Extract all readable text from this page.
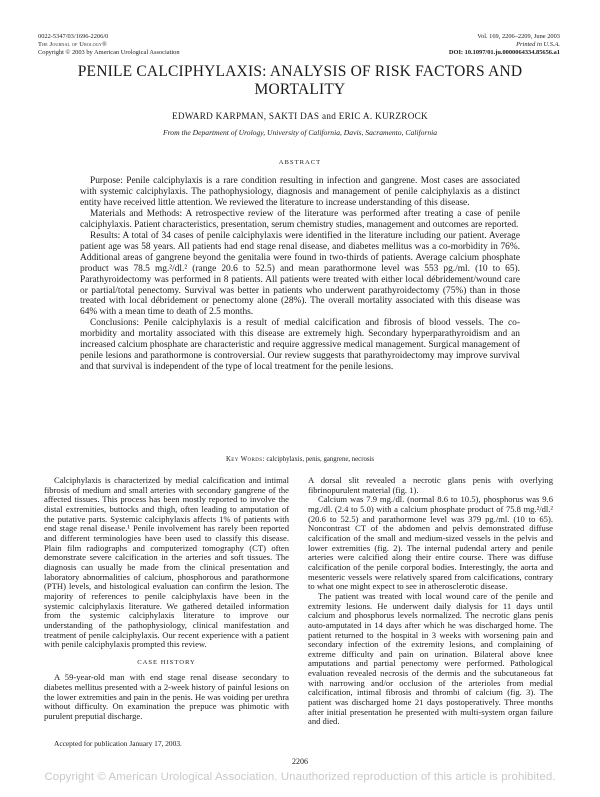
0022-5347/03/1696-2206/0
The Journal of Urology®
Copyright © 2003 by American Urological Association
Vol. 169, 2206–2209, June 2003
Printed in U.S.A.
DOI: 10.1097/01.ju.0000064334.85656.a1
PENILE CALCIPHYLAXIS: ANALYSIS OF RISK FACTORS AND MORTALITY
EDWARD KARPMAN, SAKTI DAS and ERIC A. KURZROCK
From the Department of Urology, University of California, Davis, Sacramento, California
ABSTRACT

Purpose: Penile calciphylaxis is a rare condition resulting in infection and gangrene. Most cases are associated with systemic calciphylaxis. The pathophysiology, diagnosis and management of penile calciphylaxis as a distinct entity have received little attention. We reviewed the literature to increase understanding of this disease.

Materials and Methods: A retrospective review of the literature was performed after treating a case of penile calciphylaxis. Patient characteristics, presentation, serum chemistry studies, management and outcomes are reported.

Results: A total of 34 cases of penile calciphylaxis were identified in the literature including our patient. Average patient age was 58 years. All patients had end stage renal disease, and diabetes mellitus was a co-morbidity in 76%. Additional areas of gangrene beyond the genitalia were found in two-thirds of patients. Average calcium phosphate product was 78.5 mg.²/dl.² (range 20.6 to 52.5) and mean parathormone level was 553 pg./ml. (10 to 65). Parathyroidectomy was performed in 8 patients. All patients were treated with either local débridement/wound care or partial/total penectomy. Survival was better in patients who underwent parathyroidectomy (75%) than in those treated with local débridement or penectomy alone (28%). The overall mortality associated with this disease was 64% with a mean time to death of 2.5 months.

Conclusions: Penile calciphylaxis is a result of medial calcification and fibrosis of blood vessels. The co-morbidity and mortality associated with this disease are extremely high. Secondary hyperparathyroidism and an increased calcium phosphate are characteristic and require aggressive medical management. Surgical management of penile lesions and parathormone is controversial. Our review suggests that parathyroidectomy may improve survival and that survival is independent of the type of local treatment for the penile lesions.

Key Words: calciphylaxis, penis, gangrene, necrosis

Calciphylaxis is characterized by medial calcification and intimal fibrosis of medium and small arteries with secondary gangrene of the affected tissues. This process has been mostly reported to involve the distal extremities, buttocks and thigh, often leading to amputation of the putative parts. Systemic calciphylaxis affects 1% of patients with end stage renal disease.¹ Penile involvement has rarely been reported and different terminologies have been used to classify this disease. Plain film radiographs and computerized tomography (CT) often demonstrate severe calcification in the arteries and soft tissues. The diagnosis can usually be made from the clinical presentation and laboratory abnormalities of calcium, phosphorous and parathormone (PTH) levels, and histological evaluation can confirm the lesion. The majority of references to penile calciphylaxis have been in the systemic calciphylaxis literature. We gathered detailed information from the systemic calciphylaxis literature to improve our understanding of the pathophysiology, clinical manifestation and treatment of penile calciphylaxis. Our recent experience with a patient with penile calciphylaxis prompted this review.

CASE HISTORY

A 59-year-old man with end stage renal disease secondary to diabetes mellitus presented with a 2-week history of painful lesions on the lower extremities and pain in the penis. He was voiding per urethra without difficulty. On examination the prepuce was phimotic with purulent preputial discharge.

A dorsal slit revealed a necrotic glans penis with overlying fibrinopurulent material (fig. 1).

Calcium was 7.9 mg./dl. (normal 8.6 to 10.5), phosphorus was 9.6 mg./dl. (2.4 to 5.0) with a calcium phosphate product of 75.8 mg.²/dl.² (20.6 to 52.5) and parathormone level was 379 pg./ml. (10 to 65). Noncontrast CT of the abdomen and pelvis demonstrated diffuse calcification of the small and medium-sized vessels in the pelvis and lower extremities (fig. 2). The internal pudendal artery and penile arteries were calcified along their entire course. There was diffuse calcification of the penile corporal bodies. Interestingly, the aorta and mesenteric vessels were relatively spared from calcifications, contrary to what one might expect to see in atherosclerotic disease.

The patient was treated with local wound care of the penile and extremity lesions. He underwent daily dialysis for 11 days until calcium and phosphorus levels normalized. The necrotic glans penis auto-amputated in 14 days after which he was discharged home. The patient returned to the hospital in 3 weeks with worsening pain and secondary infection of the extremity lesions, and complaining of extreme difficulty and pain on urination. Bilateral above knee amputations and partial penectomy were performed. Pathological evaluation revealed necrosis of the dermis and the subcutaneous fat with narrowing and/or occlusion of the arterioles from medial calcification, intimal fibrosis and thrombi of calcium (fig. 3). The patient was discharged home 21 days postoperatively. Three months after initial presentation he presented with multi-system organ failure and died.

Accepted for publication January 17, 2003.
2206
Copyright © American Urological Association. Unauthorized reproduction of this article is prohibited.
